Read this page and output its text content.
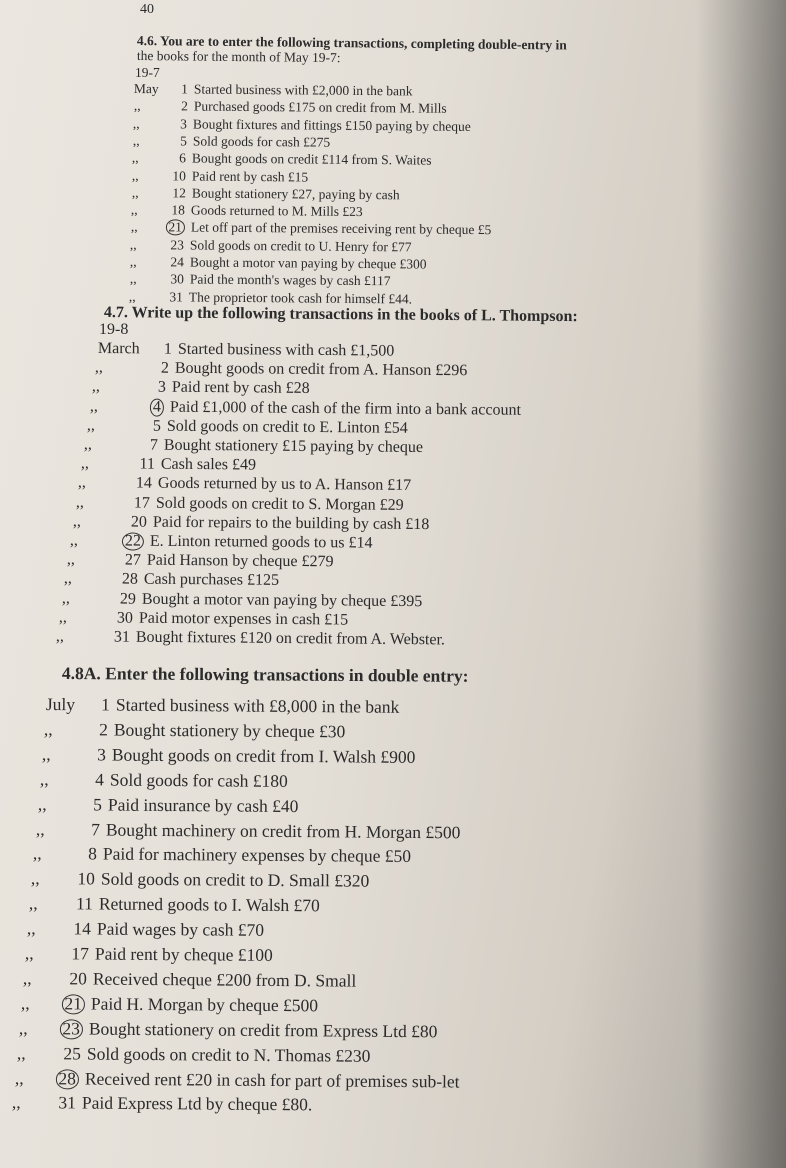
40
4.6. You are to enter the following transactions, completing double-entry in
the books for the month of May 19-7:
19-7
May 1 Started business with £2,000 in the bank
,,	2 Purchased goods £175 on credit from M. Mills
,,	3 Bought fixtures and fittings £150 paying by cheque
,,	5 Sold goods for cash £275
,,	6 Bought goods on credit £114 from S. Waites
,, 10 Paid rent by cash £15
,, 12 Bought stationery £27, paying by cash
,, 18 Goods returned to M. Mills £23
,, 21 Let off part of the premises receiving rent by cheque £5
,, 23 Sold goods on credit to U. Henry for £77
,, 24 Bought a motor van paying by cheque £300
,, 30 Paid the month's wages by cash £117
,, 31 The proprietor took cash for himself £44.
4.7. Write up the following transactions in the books of L. Thompson:
19-8
March 1 Started business with cash £1,500
,,	2 Bought goods on credit from A. Hanson £296
,,	3 Paid rent by cash £28
,,	4 Paid £1,000 of the cash of the firm into a bank account
,,	5 Sold goods on credit to E. Linton £54
,,	7 Bought stationery £15 paying by cheque
,,	11 Cash sales £49
,,	14 Goods returned by us to A. Hanson £17
,,	17 Sold goods on credit to S. Morgan £29
,,	20 Paid for repairs to the building by cash £18
,,	22 E. Linton returned goods to us £14
,,	27 Paid Hanson by cheque £279
,,	28 Cash purchases £125
,,	29 Bought a motor van paying by cheque £395
,,	30 Paid motor expenses in cash £15
,,	31 Bought fixtures £120 on credit from A. Webster.
4.8A. Enter the following transactions in double entry:
July 1 Started business with £8,000 in the bank
,,	2 Bought stationery by cheque £30
,,	3 Bought goods on credit from I. Walsh £900
,,	4 Sold goods for cash £180
,,	5 Paid insurance by cash £40
,,	7 Bought machinery on credit from H. Morgan £500
,,	8 Paid for machinery expenses by cheque £50
,, 10 Sold goods on credit to D. Small £320
,, 11 Returned goods to I. Walsh £70
,, 14 Paid wages by cash £70
,, 17 Paid rent by cheque £100
,, 20 Received cheque £200 from D. Small
,, 21 Paid H. Morgan by cheque £500
,, 23 Bought stationery on credit from Express Ltd £80
,, 25 Sold goods on credit to N. Thomas £230
,, 28 Received rent £20 in cash for part of premises sub-let
,, 31 Paid Express Ltd by cheque £80.
